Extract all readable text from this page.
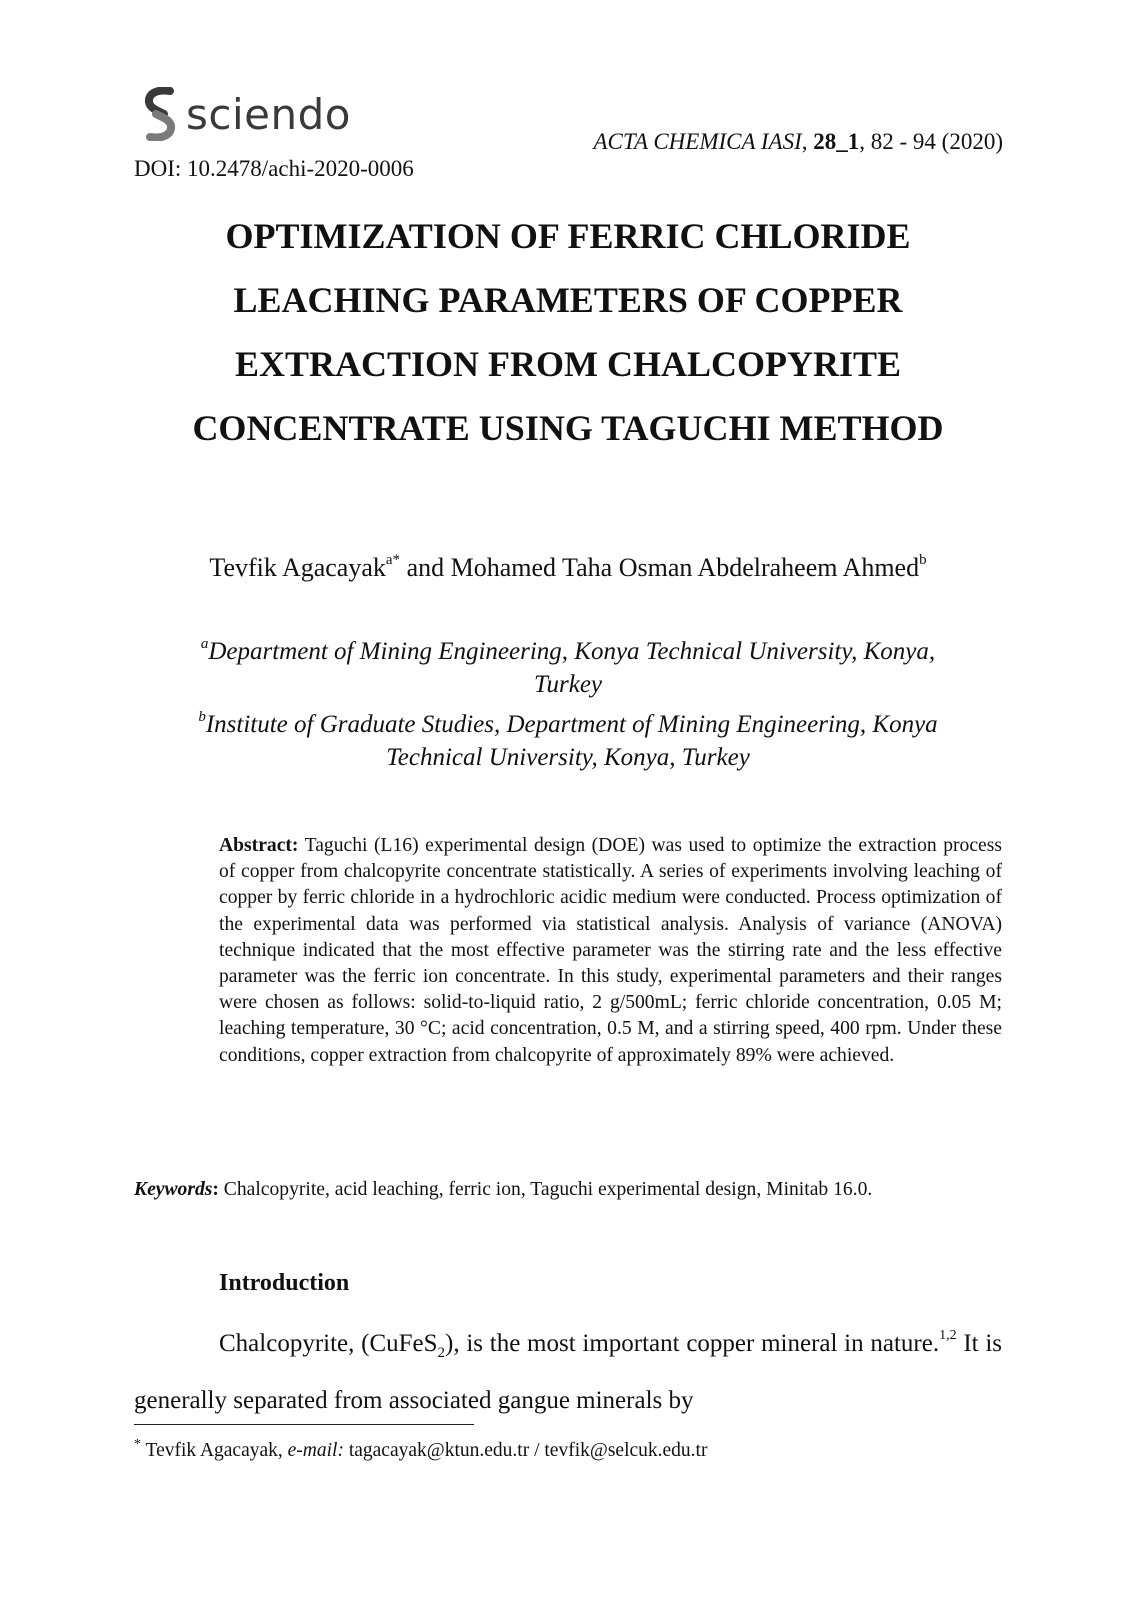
sciendo
DOI: 10.2478/achi-2020-0006
ACTA CHEMICA IASI, 28_1, 82 - 94 (2020)
OPTIMIZATION OF FERRIC CHLORIDE
LEACHING PARAMETERS OF COPPER
EXTRACTION FROM CHALCOPYRITE
CONCENTRATE USING TAGUCHI METHOD
Tevfik Agacayak$^{a*}$ and Mohamed Taha Osman Abdelraheem Ahmed$^b$
$^a$Department of Mining Engineering, Konya Technical University, Konya,
Turkey
$^b$Institute of Graduate Studies, Department of Mining Engineering, Konya
Technical University, Konya, Turkey
Abstract: Taguchi (L16) experimental design (DOE) was used to optimize the extraction process of copper from chalcopyrite concentrate statistically. A series of experiments involving leaching of copper by ferric chloride in a hydrochloric acidic medium were conducted. Process optimization of the experimental data was performed via statistical analysis. Analysis of variance (ANOVA) technique indicated that the most effective parameter was the stirring rate and the less effective parameter was the ferric ion concentrate. In this study, experimental parameters and their ranges were chosen as follows: solid-to-liquid ratio, 2 g/500mL; ferric chloride concentration, 0.05 M; leaching temperature, 30 °C; acid concentration, 0.5 M, and a stirring speed, 400 rpm. Under these conditions, copper extraction from chalcopyrite of approximately 89% were achieved.
Keywords: Chalcopyrite, acid leaching, ferric ion, Taguchi experimental design, Minitab 16.0.
Introduction
Chalcopyrite, (CuFeS$_2$), is the most important copper mineral in nature.$^{1,2}$ It is generally separated from associated gangue minerals by
* Tevfik Agacayak, e-mail: tagacayak@ktun.edu.tr / tevfik@selcuk.edu.tr
